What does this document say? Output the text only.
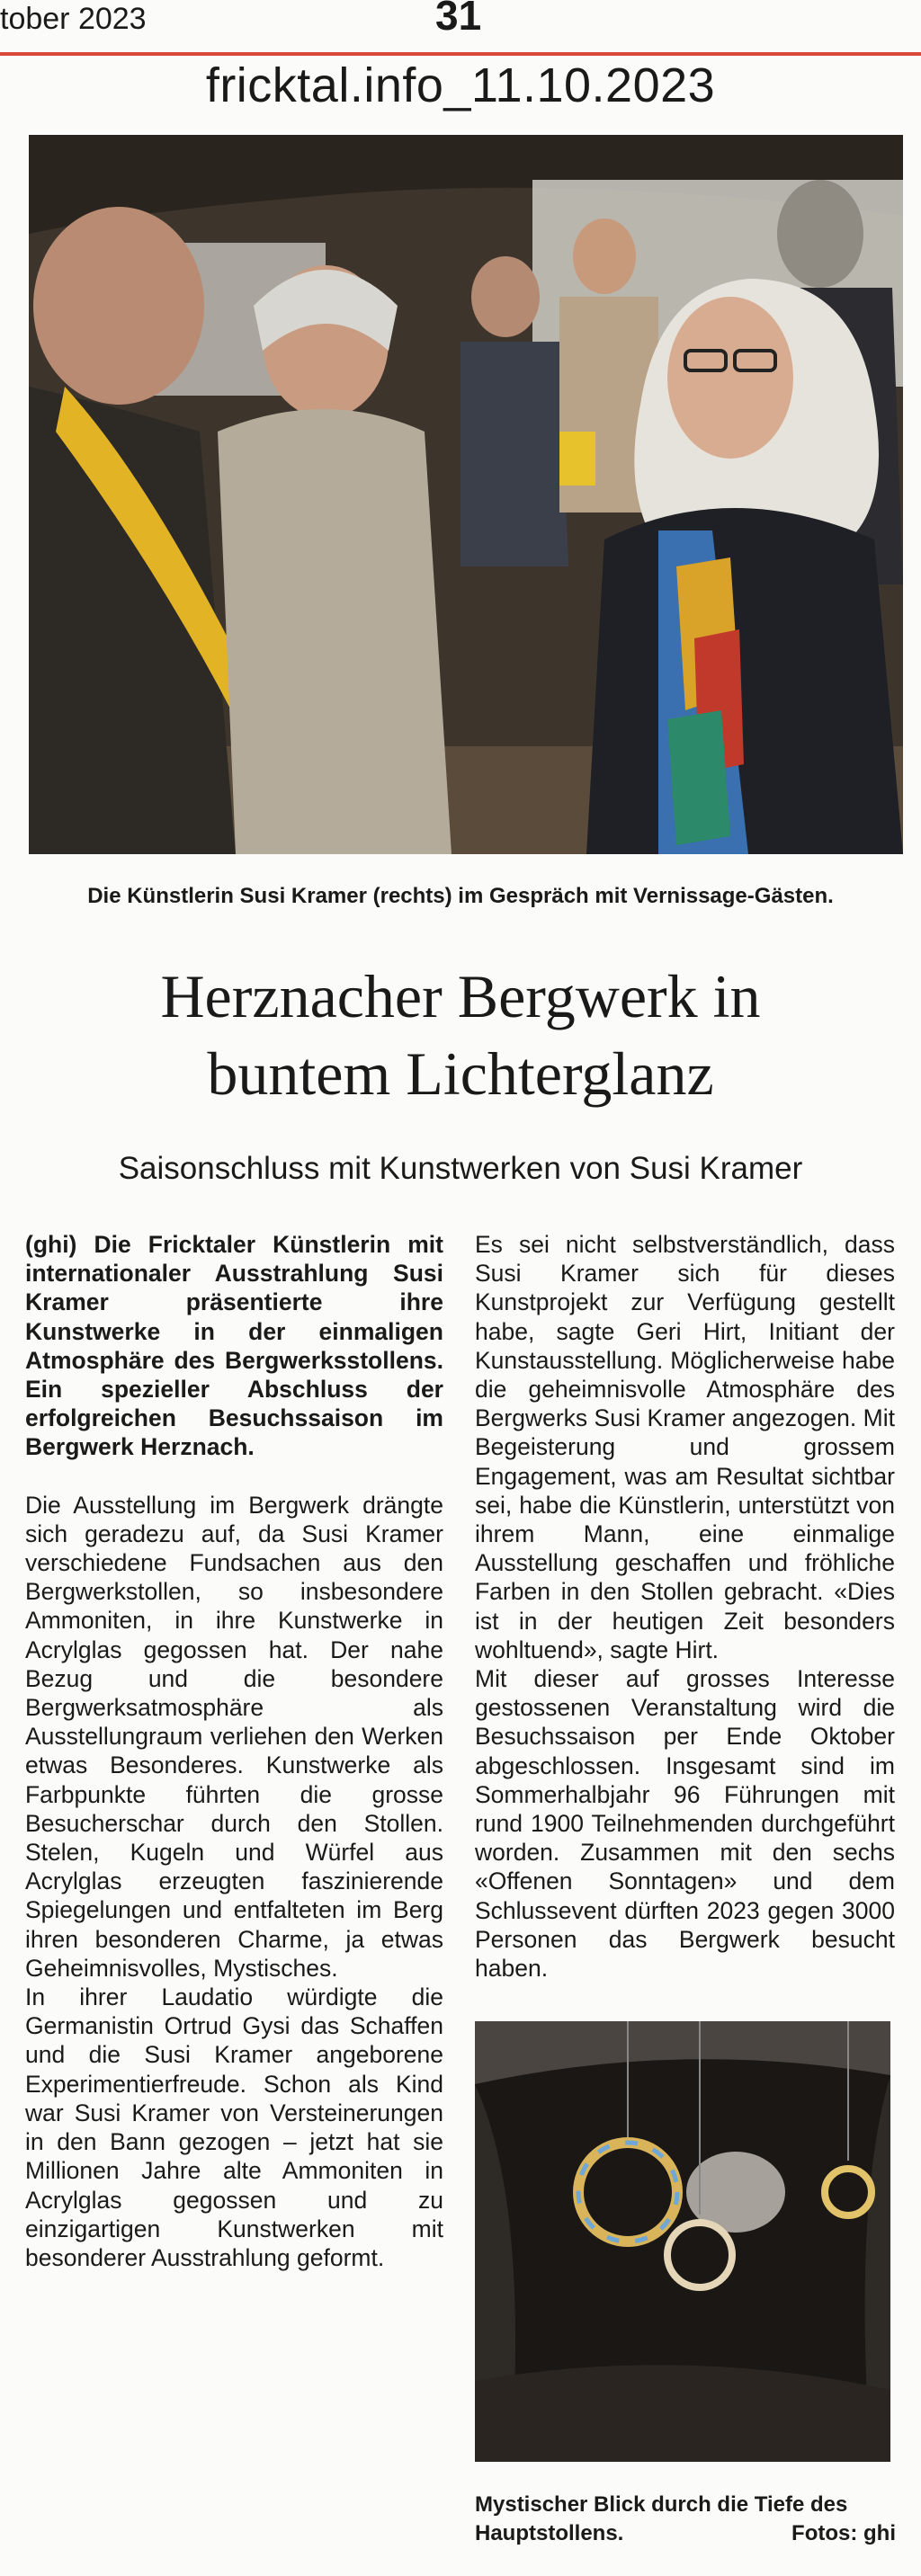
tober 2023	31
fricktal.info_11.10.2023
Die Künstlerin Susi Kramer (rechts) im Gespräch mit Vernissage-Gästen.
Herznacher Bergwerk in
buntem Lichterglanz
Saisonschluss mit Kunstwerken von Susi Kramer

(ghi) Die Fricktaler Künstlerin mit internationaler Ausstrahlung Susi Kramer präsentierte ihre Kunstwerke in der einmaligen Atmosphäre des Bergwerksstollens. Ein spezieller Abschluss der erfolgreichen Besuchssaison im Bergwerk Herznach.

Die Ausstellung im Bergwerk drängte sich geradezu auf, da Susi Kramer verschiedene Fundsachen aus den Bergwerkstollen, so insbesondere Ammoniten, in ihre Kunstwerke in Acrylglas gegossen hat. Der nahe Bezug und die besondere Bergwerksatmosphäre als Ausstellungraum verliehen den Werken etwas Besonderes. Kunstwerke als Farbpunkte führten die grosse Besucherschar durch den Stollen. Stelen, Kugeln und Würfel aus Acrylglas erzeugten faszinierende Spiegelungen und entfalteten im Berg ihren besonderen Charme, ja etwas Geheimnisvolles, Mystisches.

In ihrer Laudatio würdigte die Germanistin Ortrud Gysi das Schaffen und die Susi Kramer angeborene Experimentierfreude. Schon als Kind war Susi Kramer von Versteinerungen in den Bann gezogen – jetzt hat sie Millionen Jahre alte Ammoniten in Acrylglas gegossen und zu einzigartigen Kunstwerken mit besonderer Ausstrahlung geformt.

Es sei nicht selbstverständlich, dass Susi Kramer sich für dieses Kunstprojekt zur Verfügung gestellt habe, sagte Geri Hirt, Initiant der Kunstausstellung. Möglicherweise habe die geheimnisvolle Atmosphäre des Bergwerks Susi Kramer angezogen. Mit Begeisterung und grossem Engagement, was am Resultat sichtbar sei, habe die Künstlerin, unterstützt von ihrem Mann, eine einmalige Ausstellung geschaffen und fröhliche Farben in den Stollen gebracht. «Dies ist in der heutigen Zeit besonders wohltuend», sagte Hirt.

Mit dieser auf grosses Interesse gestossenen Veranstaltung wird die Besuchssaison per Ende Oktober abgeschlossen. Insgesamt sind im Sommerhalbjahr 96 Führungen mit rund 1900 Teilnehmenden durchgeführt worden. Zusammen mit den sechs «Offenen Sonntagen» und dem Schlussevent dürften 2023 gegen 3000 Personen das Bergwerk besucht haben.

Mystischer Blick durch die Tiefe des Hauptstollens.	Fotos: ghi
